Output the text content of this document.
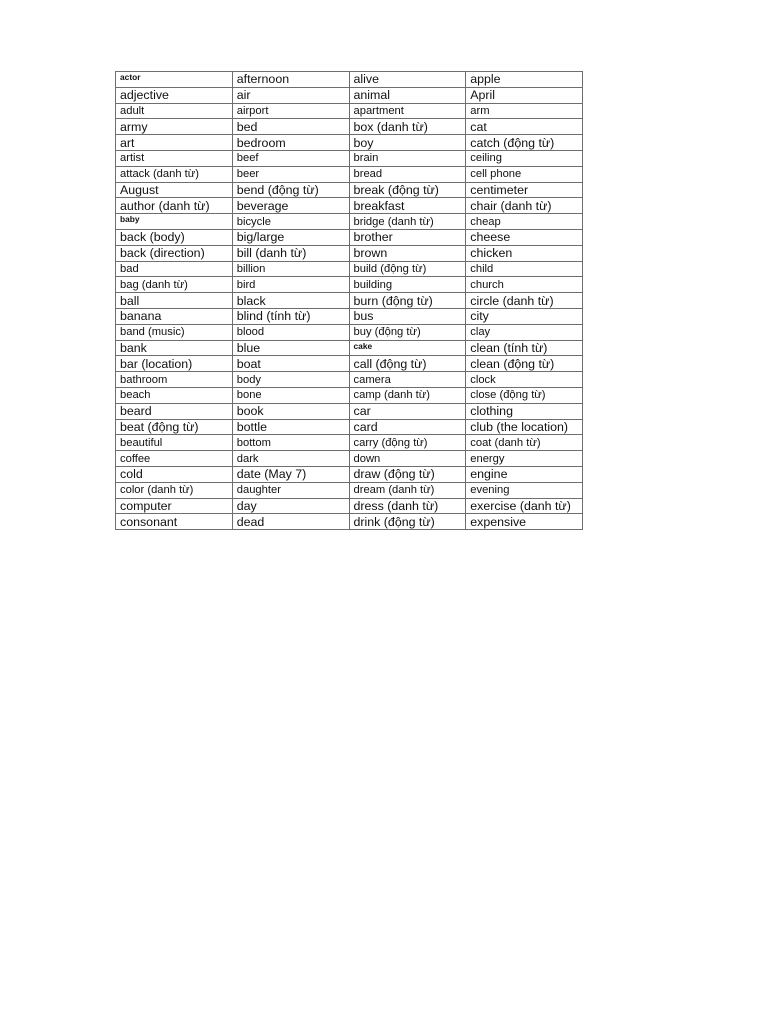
actor	afternoon	alive	apple
adjective	air	animal	April
adult	airport	apartment	arm
army	bed	box (danh từ)	cat
art	bedroom	boy	catch (động từ)
artist	beef	brain	ceiling
attack (danh từ)	beer	bread	cell phone
August	bend (động từ)	break (động từ)	centimeter
author (danh từ)	beverage	breakfast	chair (danh từ)
baby	bicycle	bridge (danh từ)	cheap
back (body)	big/large	brother	cheese
back (direction)	bill (danh từ)	brown	chicken
bad	billion	build (động từ)	child
bag (danh từ)	bird	building	church
ball	black	burn (động từ)	circle (danh từ)
banana	blind (tính từ)	bus	city
band (music)	blood	buy (động từ)	clay
bank	blue	cake	clean (tính từ)
bar (location)	boat	call (động từ)	clean (động từ)
bathroom	body	camera	clock
beach	bone	camp (danh từ)	close (động từ)
beard	book	car	clothing
beat (động từ)	bottle	card	club (the location)
beautiful	bottom	carry (động từ)	coat (danh từ)
coffee	dark	down	energy
cold	date (May 7)	draw (động từ)	engine
color (danh từ)	daughter	dream (danh từ)	evening
computer	day	dress (danh từ)	exercise (danh từ)
consonant	dead	drink (động từ)	expensive
